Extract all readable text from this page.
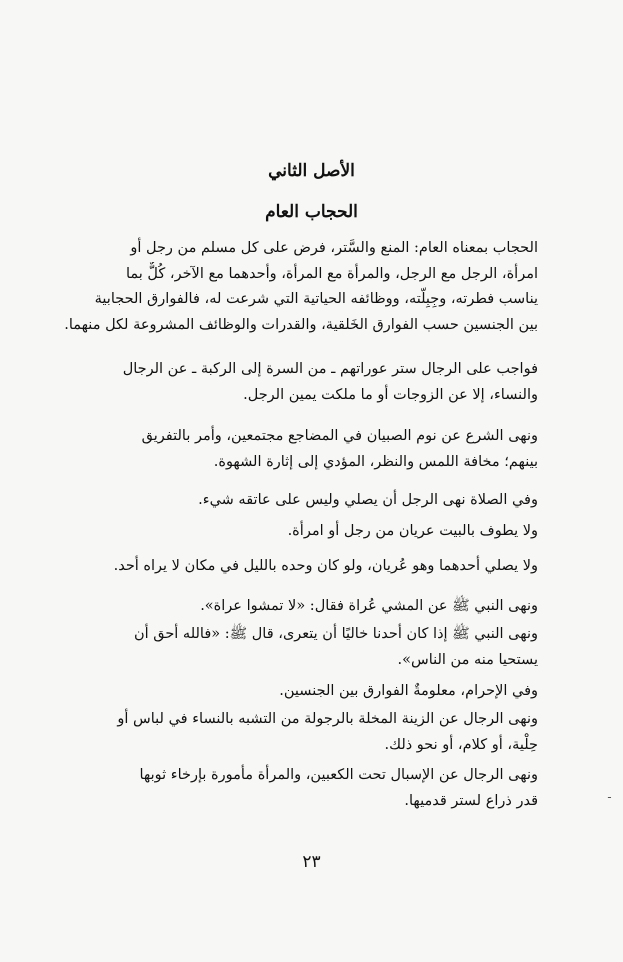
الأصل الثاني
الحجاب العام

الحجاب بمعناه العام: المنع والسَّتر، فرض على كل مسلم من رجل أو
امرأة، الرجل مع الرجل، والمرأة مع المرأة، وأحدهما مع الآخر، كُلٌّ بما
يناسب فطرته، وجِبِلَّته، ووظائفه الحياتية التي شرعت له، فالفوارق الحجابية
بين الجنسين حسب الفوارق الخَلقية، والقدرات والوظائف المشروعة لكل منهما.

فواجب على الرجال ستر عوراتهم ـ من السرة إلى الركبة ـ عن الرجال
والنساء، إلا عن الزوجات أو ما ملكت يمين الرجل.

ونهى الشرع عن نوم الصبيان في المضاجع مجتمعين، وأمر بالتفريق
بينهم؛ مخافة اللمس والنظر، المؤدي إلى إثارة الشهوة.

وفي الصلاة نهى الرجل أن يصلي وليس على عاتقه شيء.

ولا يطوف بالبيت عريان من رجل أو امرأة.

ولا يصلي أحدهما وهو عُريان، ولو كان وحده بالليل في مكان لا يراه أحد.

ونهى النبي ﷺ عن المشي عُراة فقال: «لا تمشوا عراة».

ونهى النبي ﷺ إذا كان أحدنا خاليًا أن يتعرى، قال ﷺ: «فالله أحق أن
يستحيا منه من الناس».

وفي الإحرام، معلومةٌ الفوارق بين الجنسين.

ونهى الرجال عن الزينة المخلة بالرجولة من التشبه بالنساء في لباس أو
حِلْية، أو كلام، أو نحو ذلك.

ونهى الرجال عن الإسبال تحت الكعبين، والمرأة مأمورة بإرخاء ثوبها
قدر ذراع لستر قدميها.

٢٣
ـ
